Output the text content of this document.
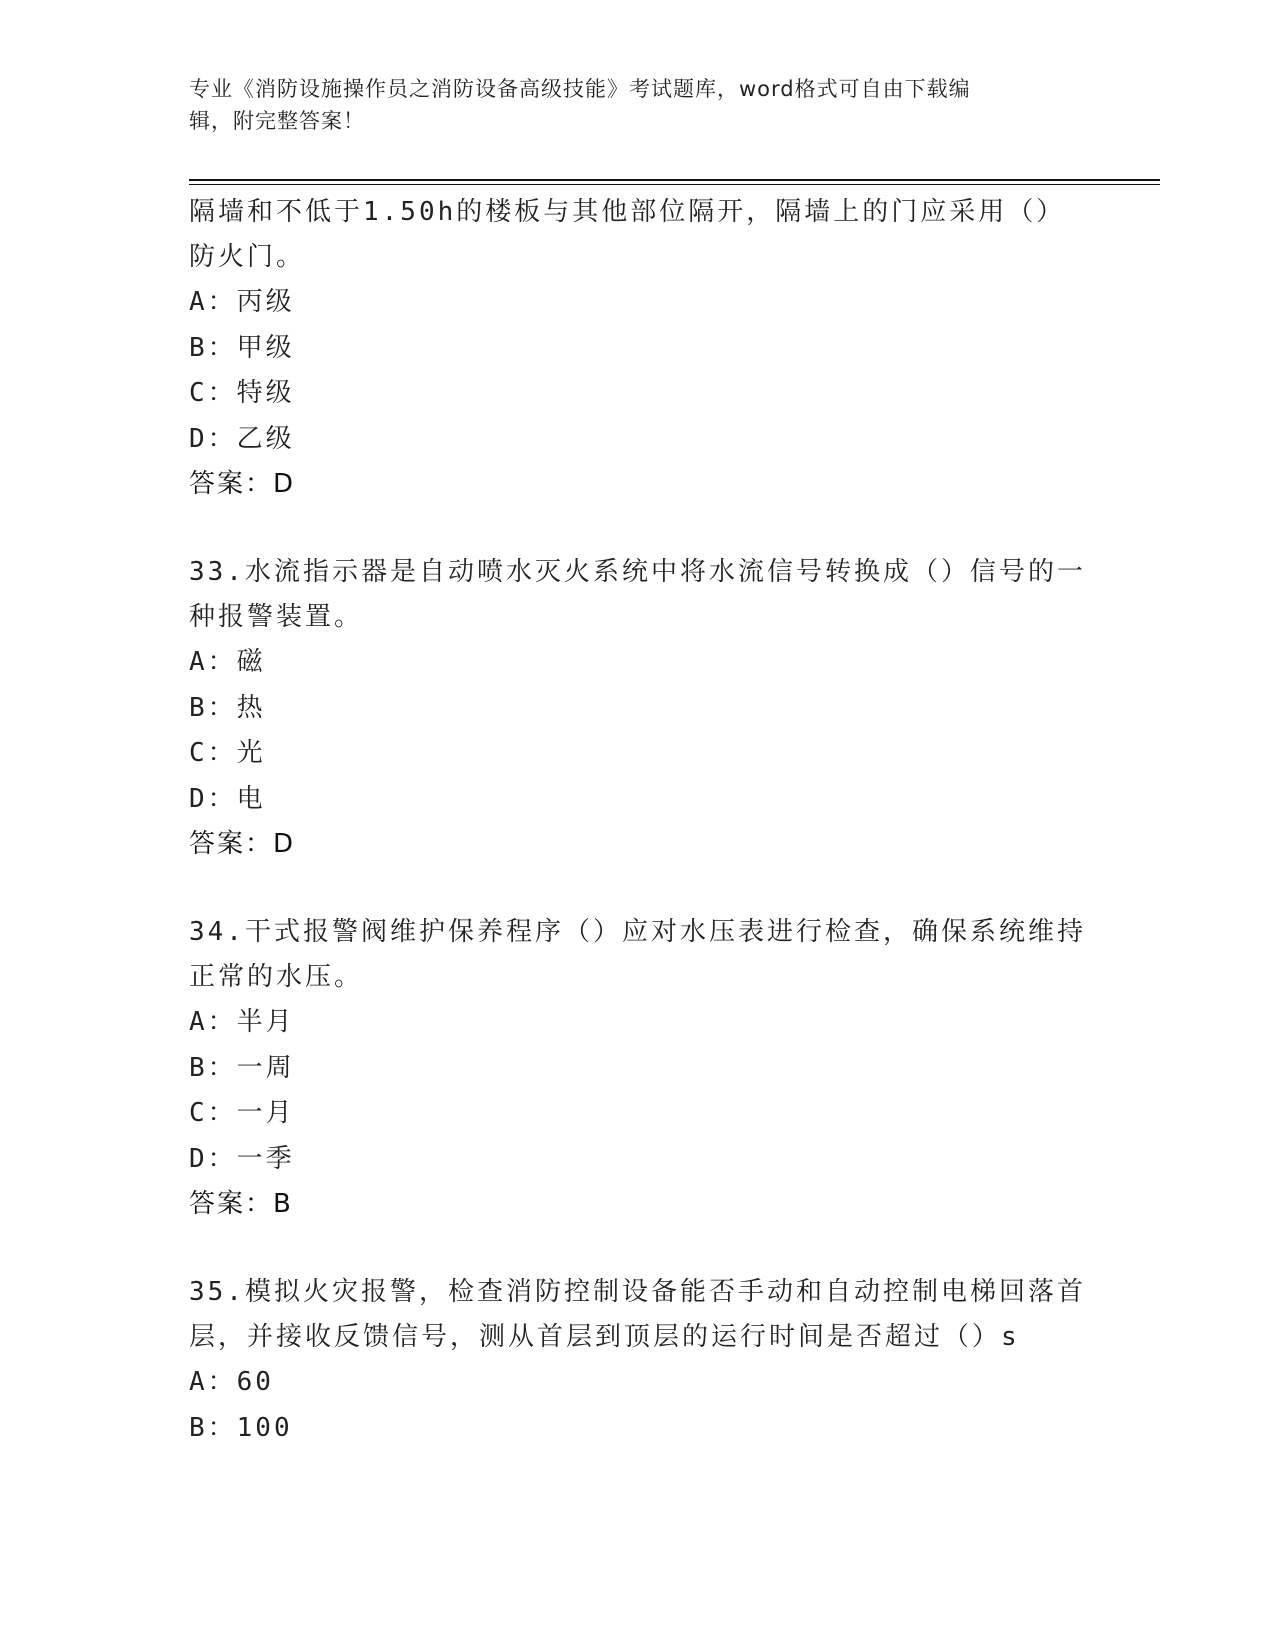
专业《消防设施操作员之消防设备高级技能》考试题库，word格式可自由下载编
辑，附完整答案！
隔墙和不低于1.50h的楼板与其他部位隔开，隔墙上的门应采用（）
防火门。
A：丙级
B：甲级
C：特级
D：乙级
答案：D
33.水流指示器是自动喷水灭火系统中将水流信号转换成（）信号的一
种报警装置。
A：磁
B：热
C：光
D：电
答案：D
34.干式报警阀维护保养程序（）应对水压表进行检查，确保系统维持
正常的水压。
A：半月
B：一周
C：一月
D：一季
答案：B
35.模拟火灾报警，检查消防控制设备能否手动和自动控制电梯回落首
层，并接收反馈信号，测从首层到顶层的运行时间是否超过（）s
A：60
B：100
